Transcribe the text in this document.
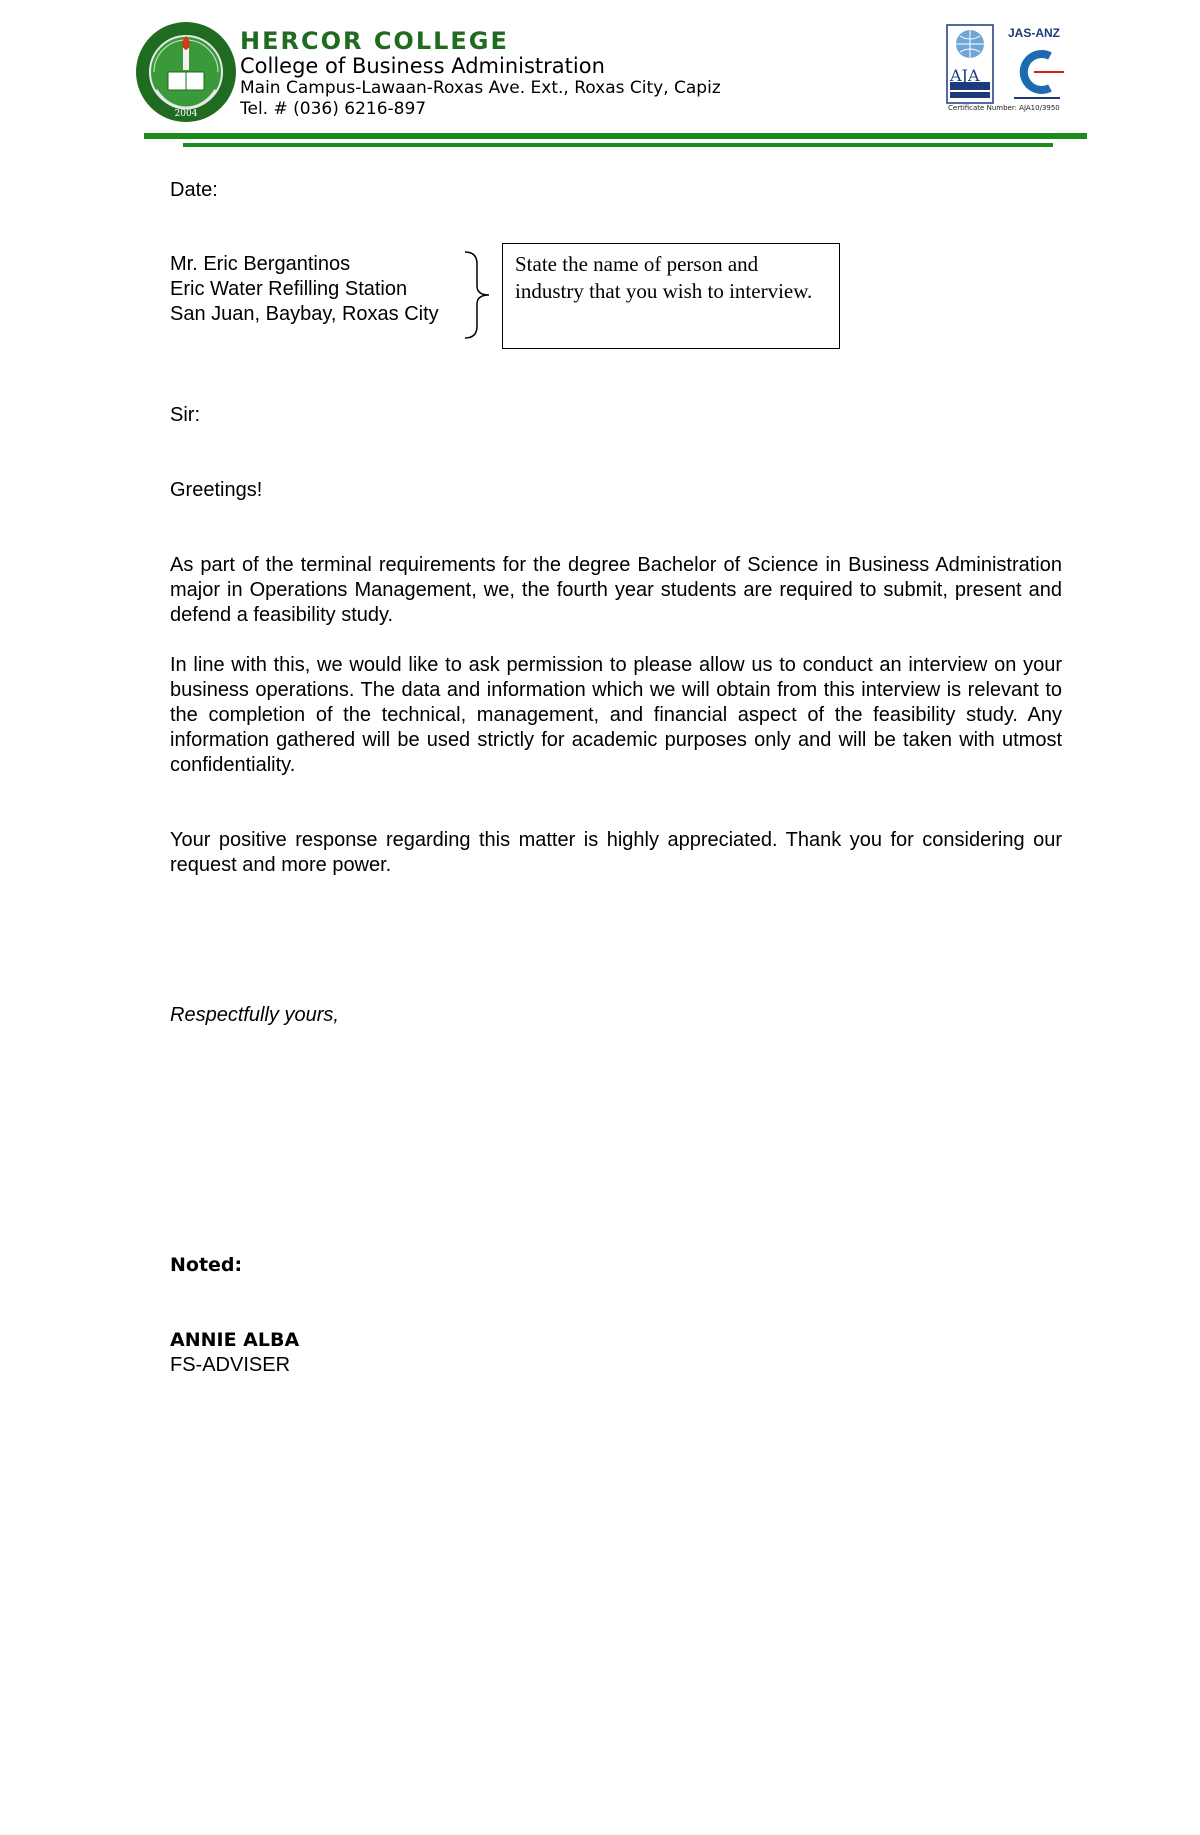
2004
HERCOR COLLEGE
College of Business Administration
Main Campus-Lawaan-Roxas Ave. Ext., Roxas City, Capiz
Tel. # (036) 6216-897
AJA
JAS-ANZ
Certificate Number: AJA10/3950
Date:
Mr. Eric Bergantinos
Eric Water Refilling Station
San Juan, Baybay, Roxas City
State the name of person and industry that you wish to interview.
Sir:
Greetings!
As part of the terminal requirements for the degree Bachelor of Science in Business Administration major in Operations Management, we, the fourth year students are required to submit, present and defend a feasibility study.
In line with this, we would like to ask permission to please allow us to conduct an interview on your business operations. The data and information which we will obtain from this interview is relevant to the completion of the technical, management, and financial aspect of the feasibility study. Any information gathered will be used strictly for academic purposes only and will be taken with utmost confidentiality.
Your positive response regarding this matter is highly appreciated. Thank you for considering our request and more power.
Respectfully yours,
Noted:
ANNIE ALBA
FS-ADVISER
